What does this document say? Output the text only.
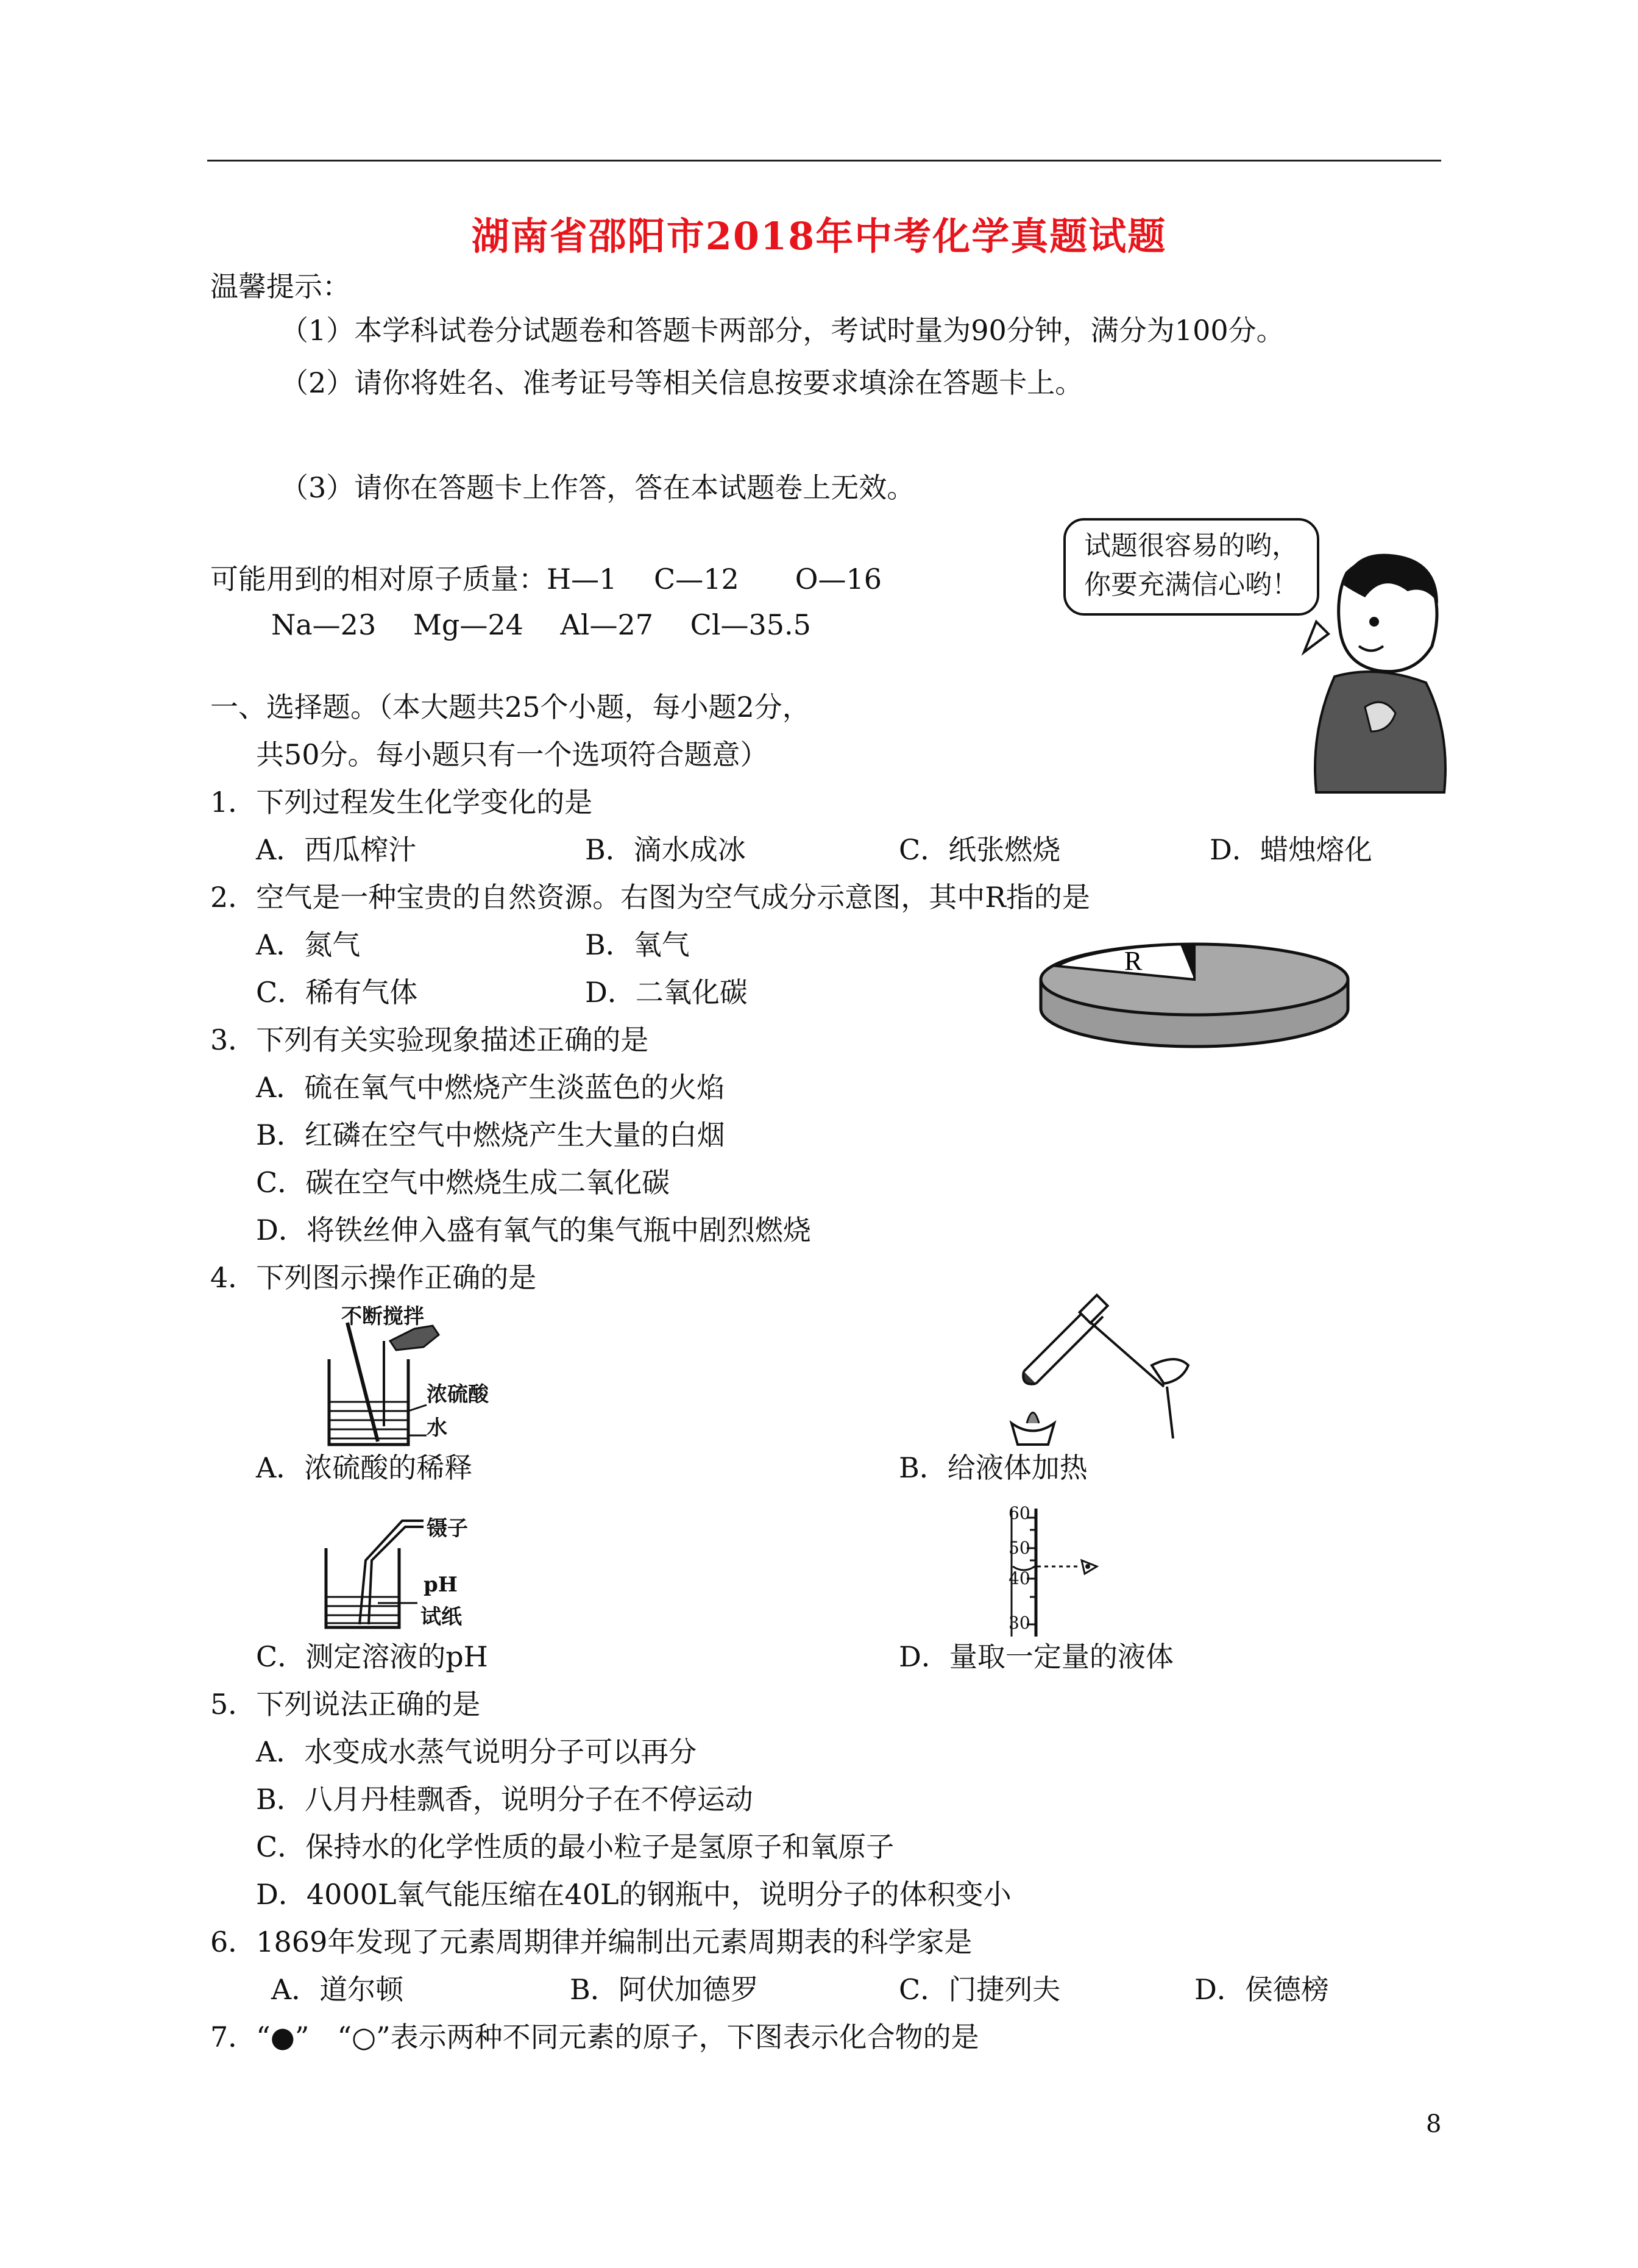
湖南省邵阳市2018年中考化学真题试题
温馨提示：
（1）本学科试卷分试题卷和答题卡两部分，考试时量为90分钟，满分为100分。
（2）请你将姓名、准考证号等相关信息按要求填涂在答题卡上。
（3）请你在答题卡上作答，答在本试题卷上无效。
可能用到的相对原子质量：H—1　 C—12　　O—16
Na—23　 Mg—24　 Al—27　 Cl—35.5
试题很容易的哟，
你要充满信心哟！
一、选择题。（本大题共25个小题，每小题2分，
共50分。每小题只有一个选项符合题意）
1．下列过程发生化学变化的是
A．西瓜榨汁	B．滴水成冰	C．纸张燃烧	D．蜡烛熔化
2．空气是一种宝贵的自然资源。右图为空气成分示意图，其中R指的是
A．氮气	B．氧气
C．稀有气体	D．二氧化碳
R
3．下列有关实验现象描述正确的是
A．硫在氧气中燃烧产生淡蓝色的火焰
B．红磷在空气中燃烧产生大量的白烟
C．碳在空气中燃烧生成二氧化碳
D．将铁丝伸入盛有氧气的集气瓶中剧烈燃烧
4．下列图示操作正确的是
不断搅拌
浓硫酸
水
A．浓硫酸的稀释	B．给液体加热
镊子
pH
试纸
60
50
40
30
C．测定溶液的pH	D．量取一定量的液体
5．下列说法正确的是
A．水变成水蒸气说明分子可以再分
B．八月丹桂飘香，说明分子在不停运动
C．保持水的化学性质的最小粒子是氢原子和氧原子
D．4000L氧气能压缩在40L的钢瓶中，说明分子的体积变小
6．1869年发现了元素周期律并编制出元素周期表的科学家是
A．道尔顿	B．阿伏加德罗	C．门捷列夫	D．侯德榜
7．“●”　“○”表示两种不同元素的原子，下图表示化合物的是
8
